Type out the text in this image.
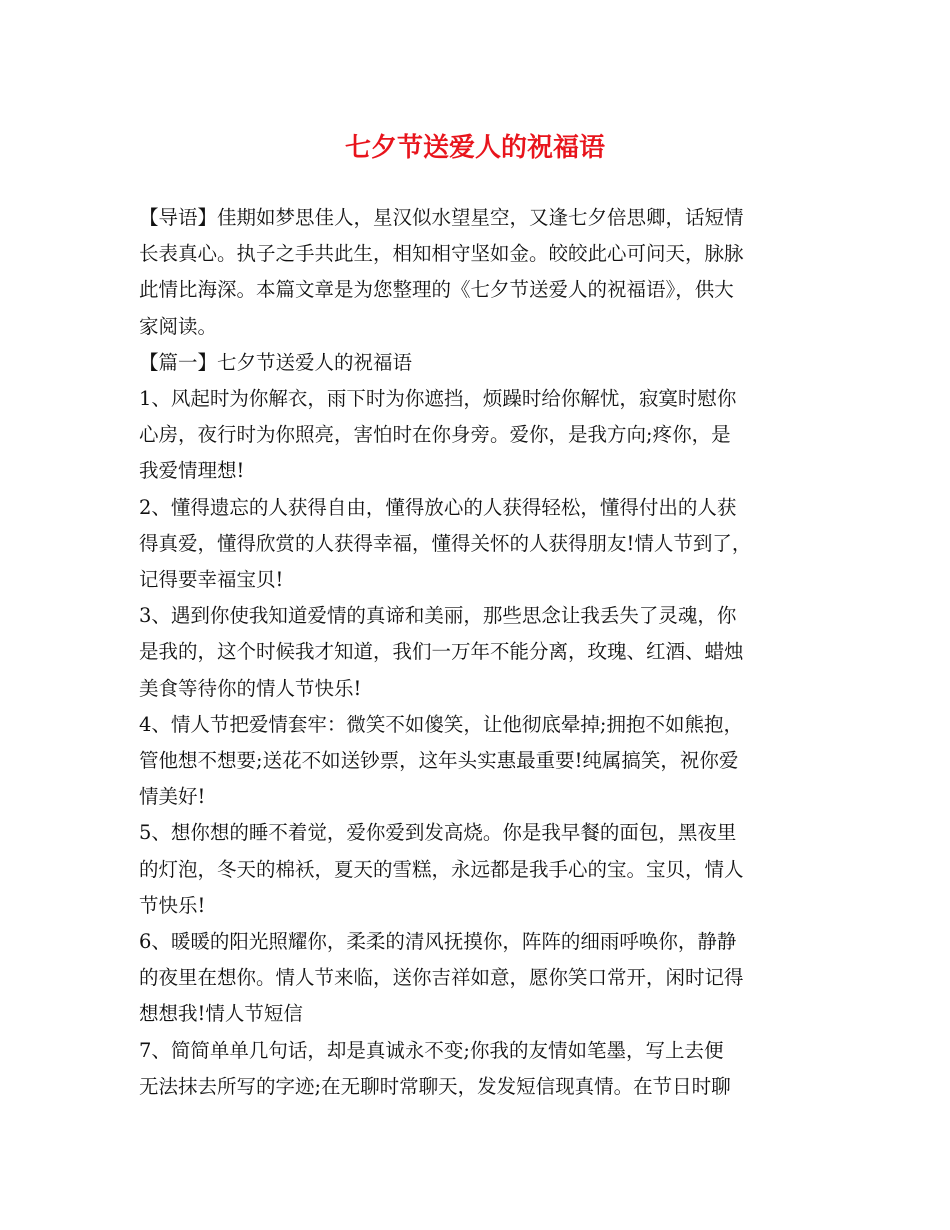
七夕节送爱人的祝福语
【导语】佳期如梦思佳人，星汉似水望星空，又逢七夕倍思卿，话短情
长表真心。执子之手共此生，相知相守坚如金。皎皎此心可问天，脉脉
此情比海深。本篇文章是为您整理的《七夕节送爱人的祝福语》，供大
家阅读。
【篇一】七夕节送爱人的祝福语
1、风起时为你解衣，雨下时为你遮挡，烦躁时给你解忧，寂寞时慰你
心房，夜行时为你照亮，害怕时在你身旁。爱你，是我方向;疼你，是
我爱情理想!
2、懂得遗忘的人获得自由，懂得放心的人获得轻松，懂得付出的人获
得真爱，懂得欣赏的人获得幸福，懂得关怀的人获得朋友!情人节到了，
记得要幸福宝贝!
3、遇到你使我知道爱情的真谛和美丽，那些思念让我丢失了灵魂，你
是我的，这个时候我才知道，我们一万年不能分离，玫瑰、红酒、蜡烛
美食等待你的情人节快乐!
4、情人节把爱情套牢：微笑不如傻笑，让他彻底晕掉;拥抱不如熊抱，
管他想不想要;送花不如送钞票，这年头实惠最重要!纯属搞笑，祝你爱
情美好!
5、想你想的睡不着觉，爱你爱到发高烧。你是我早餐的面包，黑夜里
的灯泡，冬天的棉袄，夏天的雪糕，永远都是我手心的宝。宝贝，情人
节快乐!
6、暖暖的阳光照耀你，柔柔的清风抚摸你，阵阵的细雨呼唤你，静静
的夜里在想你。情人节来临，送你吉祥如意，愿你笑口常开，闲时记得
想想我!情人节短信
7、简简单单几句话，却是真诚永不变;你我的友情如笔墨，写上去便
无法抹去所写的字迹;在无聊时常聊天，发发短信现真情。在节日时聊
